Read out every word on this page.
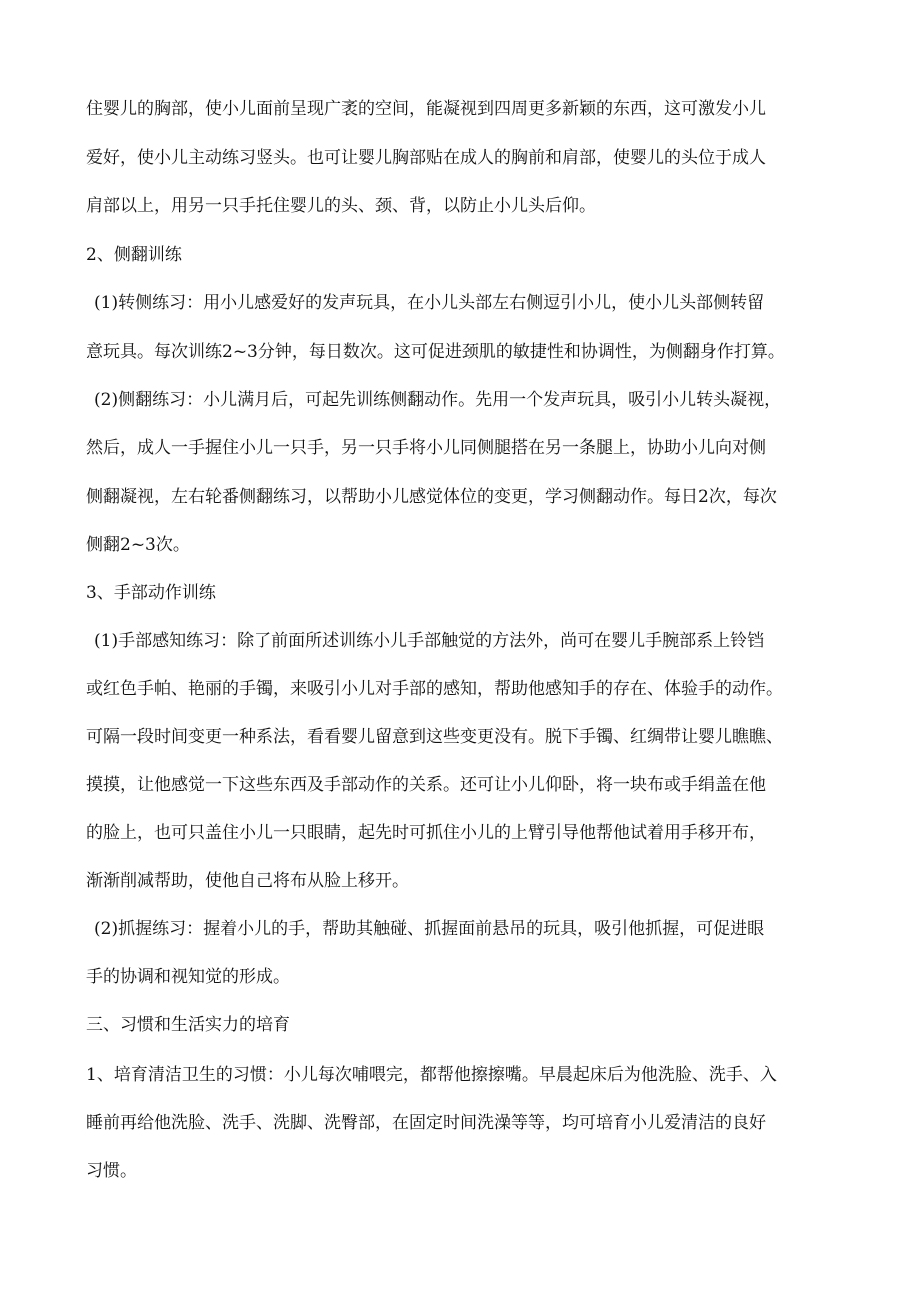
住婴儿的胸部，使小儿面前呈现广袤的空间，能凝视到四周更多新颖的东西，这可激发小儿
爱好，使小儿主动练习竖头。也可让婴儿胸部贴在成人的胸前和肩部，使婴儿的头位于成人
肩部以上，用另一只手托住婴儿的头、颈、背，以防止小儿头后仰。
2、侧翻训练
(1)转侧练习：用小儿感爱好的发声玩具，在小儿头部左右侧逗引小儿，使小儿头部侧转留
意玩具。每次训练2~3分钟，每日数次。这可促进颈肌的敏捷性和协调性，为侧翻身作打算。
(2)侧翻练习：小儿满月后，可起先训练侧翻动作。先用一个发声玩具，吸引小儿转头凝视，
然后，成人一手握住小儿一只手，另一只手将小儿同侧腿搭在另一条腿上，协助小儿向对侧
侧翻凝视，左右轮番侧翻练习，以帮助小儿感觉体位的变更，学习侧翻动作。每日2次，每次
侧翻2~3次。
3、手部动作训练
(1)手部感知练习：除了前面所述训练小儿手部触觉的方法外，尚可在婴儿手腕部系上铃铛
或红色手帕、艳丽的手镯，来吸引小儿对手部的感知，帮助他感知手的存在、体验手的动作。
可隔一段时间变更一种系法，看看婴儿留意到这些变更没有。脱下手镯、红绸带让婴儿瞧瞧、
摸摸，让他感觉一下这些东西及手部动作的关系。还可让小儿仰卧，将一块布或手绢盖在他
的脸上，也可只盖住小儿一只眼睛，起先时可抓住小儿的上臂引导他帮他试着用手移开布，
渐渐削减帮助，使他自己将布从脸上移开。
(2)抓握练习：握着小儿的手，帮助其触碰、抓握面前悬吊的玩具，吸引他抓握，可促进眼
手的协调和视知觉的形成。
三、习惯和生活实力的培育
1、培育清洁卫生的习惯：小儿每次哺喂完，都帮他擦擦嘴。早晨起床后为他洗脸、洗手、入
睡前再给他洗脸、洗手、洗脚、洗臀部，在固定时间洗澡等等，均可培育小儿爱清洁的良好
习惯。
